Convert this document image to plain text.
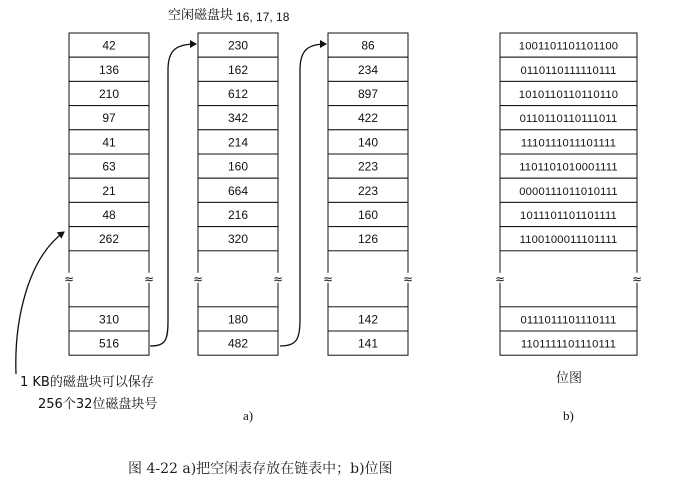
42
136
210
97
41
63
21
48
262
≈	≈
310
516
230
162
612
342
214
160
664
216
320
≈	≈
180
482
86
234
897
422
140
223
223
160
126
≈	≈
142
141
1001101101101100
0110110111110111
1010110110110110
0110110110111011
1110111011101111
1101101010001111
0000111011010111
1011101101101111
1100100011101111
≈	≈
0111011101110111
1101111101110111
空闲磁盘块 16, 17, 18
1 KB的磁盘块可以保存
256个32位磁盘块号
a)
位图
b)
图 4-22 a)把空闲表存放在链表中；b)位图
